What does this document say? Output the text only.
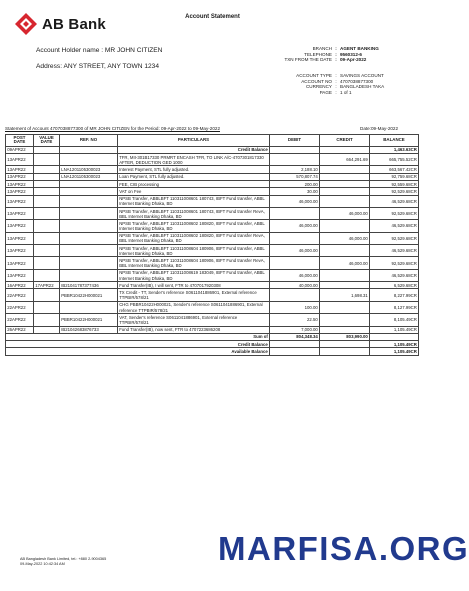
AB Bank	Account Statement
Account Holder name : MR JOHN CITIZEN
Address: ANY STREET, ANY TOWN 1234
BRANCH : AGENT BANKING
TELEPHONE : 9560312-6
TXN FROM THE DATE : 09-Apr-2022
ACCOUNT TYPE : SAVINGS ACCOUNT
ACCOUNT NO : 4707038877300
CURRENCY : BANGLADESH TAKA
PAGE : 1 of 1
Statement of Account 4707038877300 of MR JOHN CITIZEN for the Period: 09-Apr-2022 to 09-May-2022	Date:09-May-2022
POST DATE	VALUE DATE	REF. NO	PARTICULARS	DEBIT	CREDIT	BALANCE
09APR22			Credit Balance			1,463.63CR
13APR22			TFR, MII-301B17330 PRMRT ENCASH TFR, TO LINK A/C-4707301817330 AFTER, DEDUCTION GED 1000		664,291.69	665,755.52CR
13APR22		LNA1201105300023	Interest Payment, STL fully adjusted.	2,188.10		663,567.42CR
13APR22		LNA1201105300023	Loan Payment, STL fully adjusted.	570,807.74		92,759.68CR
13APR22			FEE, CIB processing	200.00		92,559.68CR
13APR22			VAT on Fee	30.00		92,529.68CR
13APR22			NPSB Transfer, ABBLBFT 110311008601 180743, IBFT Fund transfer, ABBL Internet Banking Dhaka, BD	46,000.00		46,529.68CR
13APR22			NPSB Transfer, ABBLBFT 110311008601 180743, IBFT Fund transfer RevA, BBL Internet Banking Dhaka, BD		46,000.00	92,529.68CR
13APR22			NPSB Transfer, ABBLBFT 110311008602 180820, IBFT Fund transfer, ABBL Internet Banking Dhaka, BD	46,000.00		46,529.68CR
13APR22			NPSB Transfer, ABBLBFT 110311008602 180820, IBFT Fund transfer RevA, BBL Internet Banking Dhaka, BD		46,000.00	92,529.68CR
13APR22			NPSB Transfer, ABBLBFT 110311008604 180906, IBFT Fund transfer, ABBL Internet Banking Dhaka, BD	46,000.00		46,529.68CR
13APR22			NPSB Transfer, ABBLBFT 110311008604 180906, IBFT Fund transfer RevA, BBL Internet Banking Dhaka, BD		46,000.00	92,529.68CR
13APR22			NPSB Transfer, ABBLBFT 110311008619 183049, IBFT Fund transfer, ABBL Internet Banking Dhaka, BD	46,000.00		46,529.68CR
16APR22	17APR22	IB21041787377436	Fund Transfer(IB), I will sent, FTR to 4707017920308	40,000.00		6,529.68CR
22APR22		PBBR10422H000021	TX Credit - TT, Sender's reference S0611041886901, External reference TTPBIR/578/21		1,698.31	8,227.99CR
22APR22			CHG PBBR10422H000021, Sender's reference S0611041886901, External reference TTPBIR/578/21	100.00		8,127.99CR
22APR22		PBBR10422H000021	VAT, Sender's reference S0611041886901, External reference TTPBIR/578/21	22.50		8,105.49CR
26APR22		IB21042683876733	Fund Transfer(IB), now sent, FTR to 4707223686208	7,000.00		1,105.49CR
Sum of				804,348.34	803,990.00	
Credit Balance						1,105.49CR
Available Balance						1,105.49CR
AB Bangladesh Bank Limited, tel.: +880 2-9004365
09-May-2022 10:42:34 AM	MARFISA.ORG
